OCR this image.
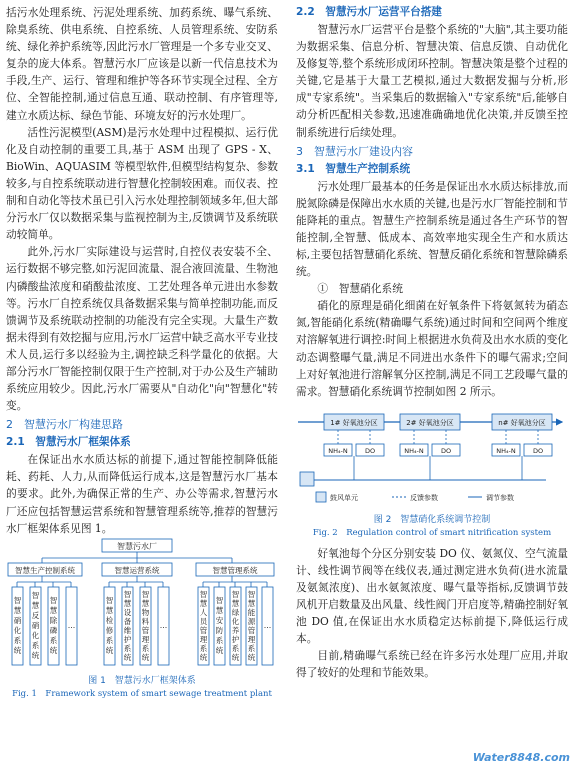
括污水处理系统、污泥处理系统、加药系统、曝气系统、除臭系统、供电系统、自控系统、人员管理系统、安防系统、绿化养护系统等,因此污水厂管理是一个多专业交叉、复杂的庞大体系。智慧污水厂应该是以新一代信息技术为手段,生产、运行、管理和维护等各环节实现全过程、全方位、全智能控制,通过信息互通、联动控制、有序管理等,建立水质达标、绿色节能、环境友好的污水处理厂。

活性污泥模型(ASM)是污水处理中过程模拟、运行优化及自动控制的重要工具,基于 ASM 出现了 GPS - X、BioWin、AQUASIM 等模型软件,但模型结构复杂、参数较多,与自控系统联动进行智慧化控制较困难。而仪表、控制和自动化等技术虽已引入污水处理控制领域多年,但大部分污水厂仅以数据采集与监视控制为主,反馈调节及系统联动较简单。

此外,污水厂实际建设与运营时,自控仪表安装不全、运行数据不够完整,如污泥回流量、混合液回流量、生物池内磷酸盐浓度和硝酸盐浓度、工艺处理各单元进出水参数等。污水厂自控系统仅具备数据采集与简单控制功能,而反馈调节及系统联动控制的功能没有完全实现。大量生产数据未得到有效挖掘与应用,污水厂运营中缺乏高水平专业技术人员,运行多以经验为主,调控缺乏科学量化的依据。大部分污水厂智能控制仅限于生产控制,对于办公及生产辅助系统应用较少。因此,污水厂需要从"自动化"向"智慧化"转变。

2　智慧污水厂构建思路
2.1　智慧污水厂框架体系

在保证出水水质达标的前提下,通过智能控制降低能耗、药耗、人力,从而降低运行成本,这是智慧污水厂基本的要求。此外,为确保正常的生产、办公等需求,智慧污水厂还应包括智慧运营系统和智慧管理系统等,推荐的智慧污水厂框架体系见图 1。

智慧污水厂
智慧生产控制系统	智慧运营系统	智慧管理系统
智慧硝化系统
智慧反硝化系统
智慧除磷系统
…
智慧检修系统
智慧设备维护系统
智慧物料管理系统
…
智慧人员管理系统
智慧安防系统
智慧绿化养护系统
智慧能源管理系统
…

图 1　智慧污水厂框架体系

Fig. 1　Framework system of smart sewage treatment plant

2.2　智慧污水厂运营平台搭建

智慧污水厂运营平台是整个系统的"大脑",其主要功能为数据采集、信息分析、智慧决策、信息反馈、自动优化及修复等,整个系统形成闭环控制。智慧决策是整个过程的关键,它是基于大量工艺模拟,通过大数据发掘与分析,形成"专家系统"。当采集后的数据输入"专家系统"后,能够自动分析匹配相关参数,迅速准确确地优化决策,并反馈至控制系统进行后续处理。

3　智慧污水厂建设内容
3.1　智慧生产控制系统

污水处理厂最基本的任务是保证出水水质达标排放,而脱氮除磷是保障出水水质的关键,也是污水厂智能控制和节能降耗的重点。智慧生产控制系统是通过各生产环节的智能控制,全智慧、低成本、高效率地实现全生产和水质达标,主要包括智慧硝化系统、智慧反硝化系统和智慧除磷系统。

①　智慧硝化系统

硝化的原理是硝化细菌在好氧条件下将氨氮转为硝态氮,智能硝化系统(精确曝气系统)通过时间和空间两个维度对溶解氧进行调控:时间上根据进水负荷及出水水质的变化动态调整曝气量,满足不同进出水条件下的曝气需求;空间上对好氧池进行溶解氧分区控制,满足不同工艺段曝气量的需求。智慧硝化系统调节控制如图 2 所示。

1# 好氧池分区
NH₄-N	DO
2# 好氧池分区
NH₄-N	DO
n# 好氧池分区
NH₄-N	DO
鼓风单元	反馈参数	调节参数

图 2　智慧硝化系统调节控制

Fig. 2　Regulation control of smart nitrification system

好氧池每个分区分别安装 DO 仪、氨氮仪、空气流量计、线性调节阀等在线仪表,通过测定进水负荷(进水流量及氨氮浓度)、出水氨氮浓度、曝气量等指标,反馈调节鼓风机开启数量及出风量、线性阀门开启度等,精确控制好氧池 DO 值,在保证出水水质稳定达标前提下,降低运行成本。

目前,精确曝气系统已经在许多污水处理厂应用,并取得了较好的处理和节能效果。

Water8848.com
